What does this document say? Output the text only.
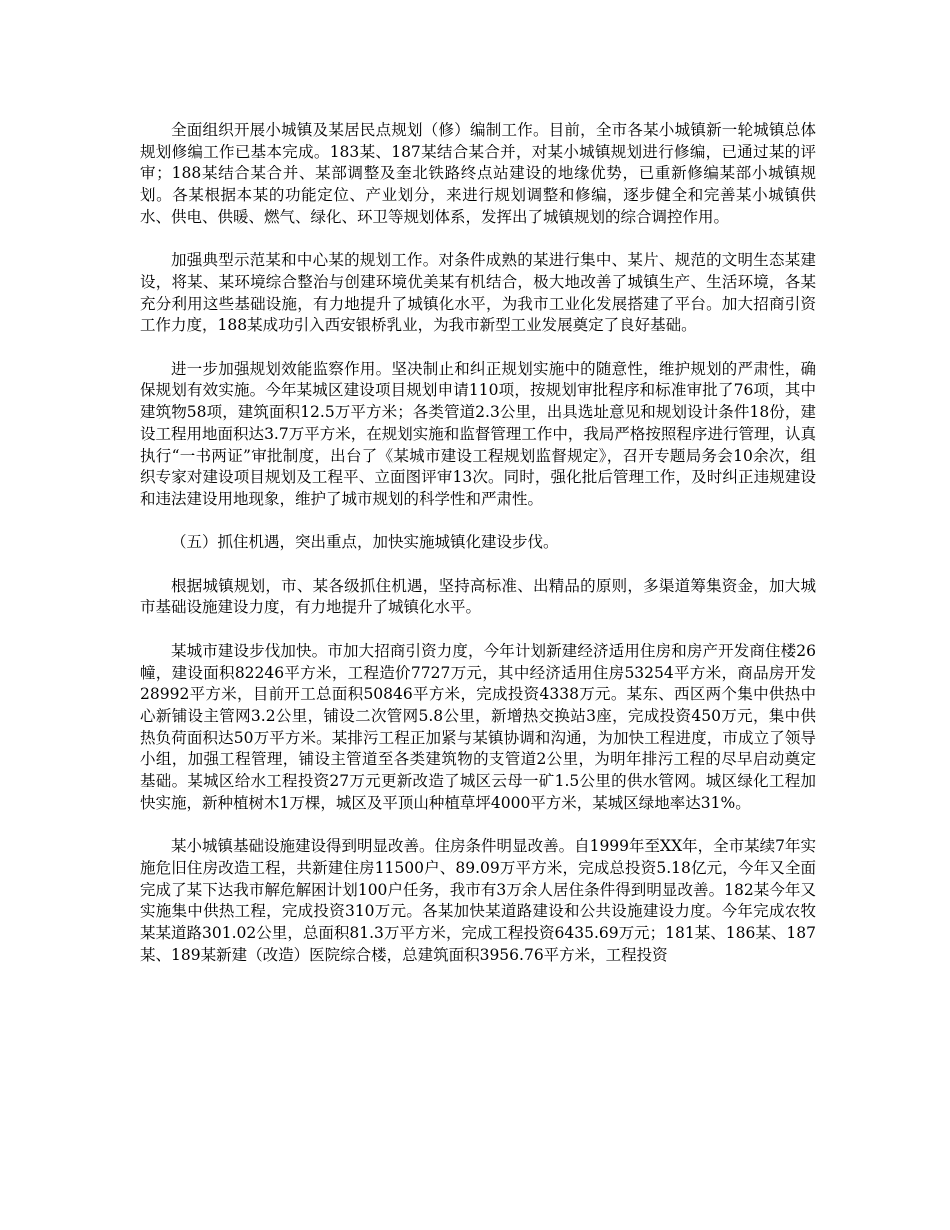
全面组织开展小城镇及某居民点规划（修）编制工作。目前，全市各某小城镇新一轮城镇总体规划修编工作已基本完成。183某、187某结合某合并，对某小城镇规划进行修编，已通过某的评审；188某结合某合并、某部调整及奎北铁路终点站建设的地缘优势，已重新修编某部小城镇规划。各某根据本某的功能定位、产业划分，来进行规划调整和修编，逐步健全和完善某小城镇供水、供电、供暖、燃气、绿化、环卫等规划体系，发挥出了城镇规划的综合调控作用。

加强典型示范某和中心某的规划工作。对条件成熟的某进行集中、某片、规范的文明生态某建设，将某、某环境综合整治与创建环境优美某有机结合，极大地改善了城镇生产、生活环境，各某充分利用这些基础设施，有力地提升了城镇化水平，为我市工业化发展搭建了平台。加大招商引资工作力度，188某成功引入西安银桥乳业，为我市新型工业发展奠定了良好基础。

进一步加强规划效能监察作用。坚决制止和纠正规划实施中的随意性，维护规划的严肃性，确保规划有效实施。今年某城区建设项目规划申请110项，按规划审批程序和标准审批了76项，其中建筑物58项，建筑面积12.5万平方米；各类管道2.3公里，出具选址意见和规划设计条件18份，建设工程用地面积达3.7万平方米，在规划实施和监督管理工作中，我局严格按照程序进行管理，认真执行“一书两证”审批制度，出台了《某城市建设工程规划监督规定》，召开专题局务会10余次，组织专家对建设项目规划及工程平、立面图评审13次。同时，强化批后管理工作，及时纠正违规建设和违法建设用地现象，维护了城市规划的科学性和严肃性。

（五）抓住机遇，突出重点，加快实施城镇化建设步伐。

根据城镇规划，市、某各级抓住机遇，坚持高标准、出精品的原则，多渠道筹集资金，加大城市基础设施建设力度，有力地提升了城镇化水平。

某城市建设步伐加快。市加大招商引资力度，今年计划新建经济适用住房和房产开发商住楼26幢，建设面积82246平方米，工程造价7727万元，其中经济适用住房53254平方米，商品房开发28992平方米，目前开工总面积50846平方米，完成投资4338万元。某东、西区两个集中供热中心新铺设主管网3.2公里，铺设二次管网5.8公里，新增热交换站3座，完成投资450万元，集中供热负荷面积达50万平方米。某排污工程正加紧与某镇协调和沟通，为加快工程进度，市成立了领导小组，加强工程管理，铺设主管道至各类建筑物的支管道2公里，为明年排污工程的尽早启动奠定基础。某城区给水工程投资27万元更新改造了城区云母一矿1.5公里的供水管网。城区绿化工程加快实施，新种植树木1万棵，城区及平顶山种植草坪4000平方米，某城区绿地率达31%。

某小城镇基础设施建设得到明显改善。住房条件明显改善。自1999年至XX年，全市某续7年实施危旧住房改造工程，共新建住房11500户、89.09万平方米，完成总投资5.18亿元，今年又全面完成了某下达我市解危解困计划100户任务，我市有3万余人居住条件得到明显改善。182某今年又实施集中供热工程，完成投资310万元。各某加快某道路建设和公共设施建设力度。今年完成农牧某某道路301.02公里，总面积81.3万平方米，完成工程投资6435.69万元；181某、186某、187某、189某新建（改造）医院综合楼，总建筑面积3956.76平方米，工程投资
